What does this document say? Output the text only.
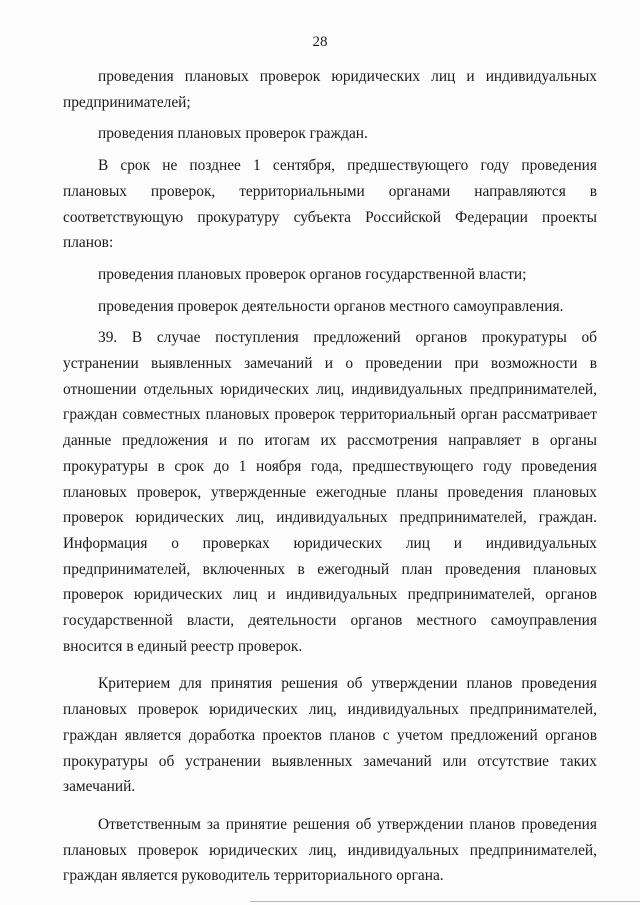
28

проведения плановых проверок юридических лиц и индивидуальных предпринимателей;

проведения плановых проверок граждан.

В срок не позднее 1 сентября, предшествующего году проведения плановых проверок, территориальными органами направляются в соответствующую прокуратуру субъекта Российской Федерации проекты планов:

проведения плановых проверок органов государственной власти;

проведения проверок деятельности органов местного самоуправления.

39. В случае поступления предложений органов прокуратуры об устранении выявленных замечаний и о проведении при возможности в отношении отдельных юридических лиц, индивидуальных предпринимателей, граждан совместных плановых проверок территориальный орган рассматривает данные предложения и по итогам их рассмотрения направляет в органы прокуратуры в срок до 1 ноября года, предшествующего году проведения плановых проверок, утвержденные ежегодные планы проведения плановых проверок юридических лиц, индивидуальных предпринимателей, граждан. Информация о проверках юридических лиц и индивидуальных предпринимателей, включенных в ежегодный план проведения плановых проверок юридических лиц и индивидуальных предпринимателей, органов государственной власти, деятельности органов местного самоуправления вносится в единый реестр проверок.

Критерием для принятия решения об утверждении планов проведения плановых проверок юридических лиц, индивидуальных предпринимателей, граждан является доработка проектов планов с учетом предложений органов прокуратуры об устранении выявленных замечаний или отсутствие таких замечаний.

Ответственным за принятие решения об утверждении планов проведения плановых проверок юридических лиц, индивидуальных предпринимателей, граждан является руководитель территориального органа.
